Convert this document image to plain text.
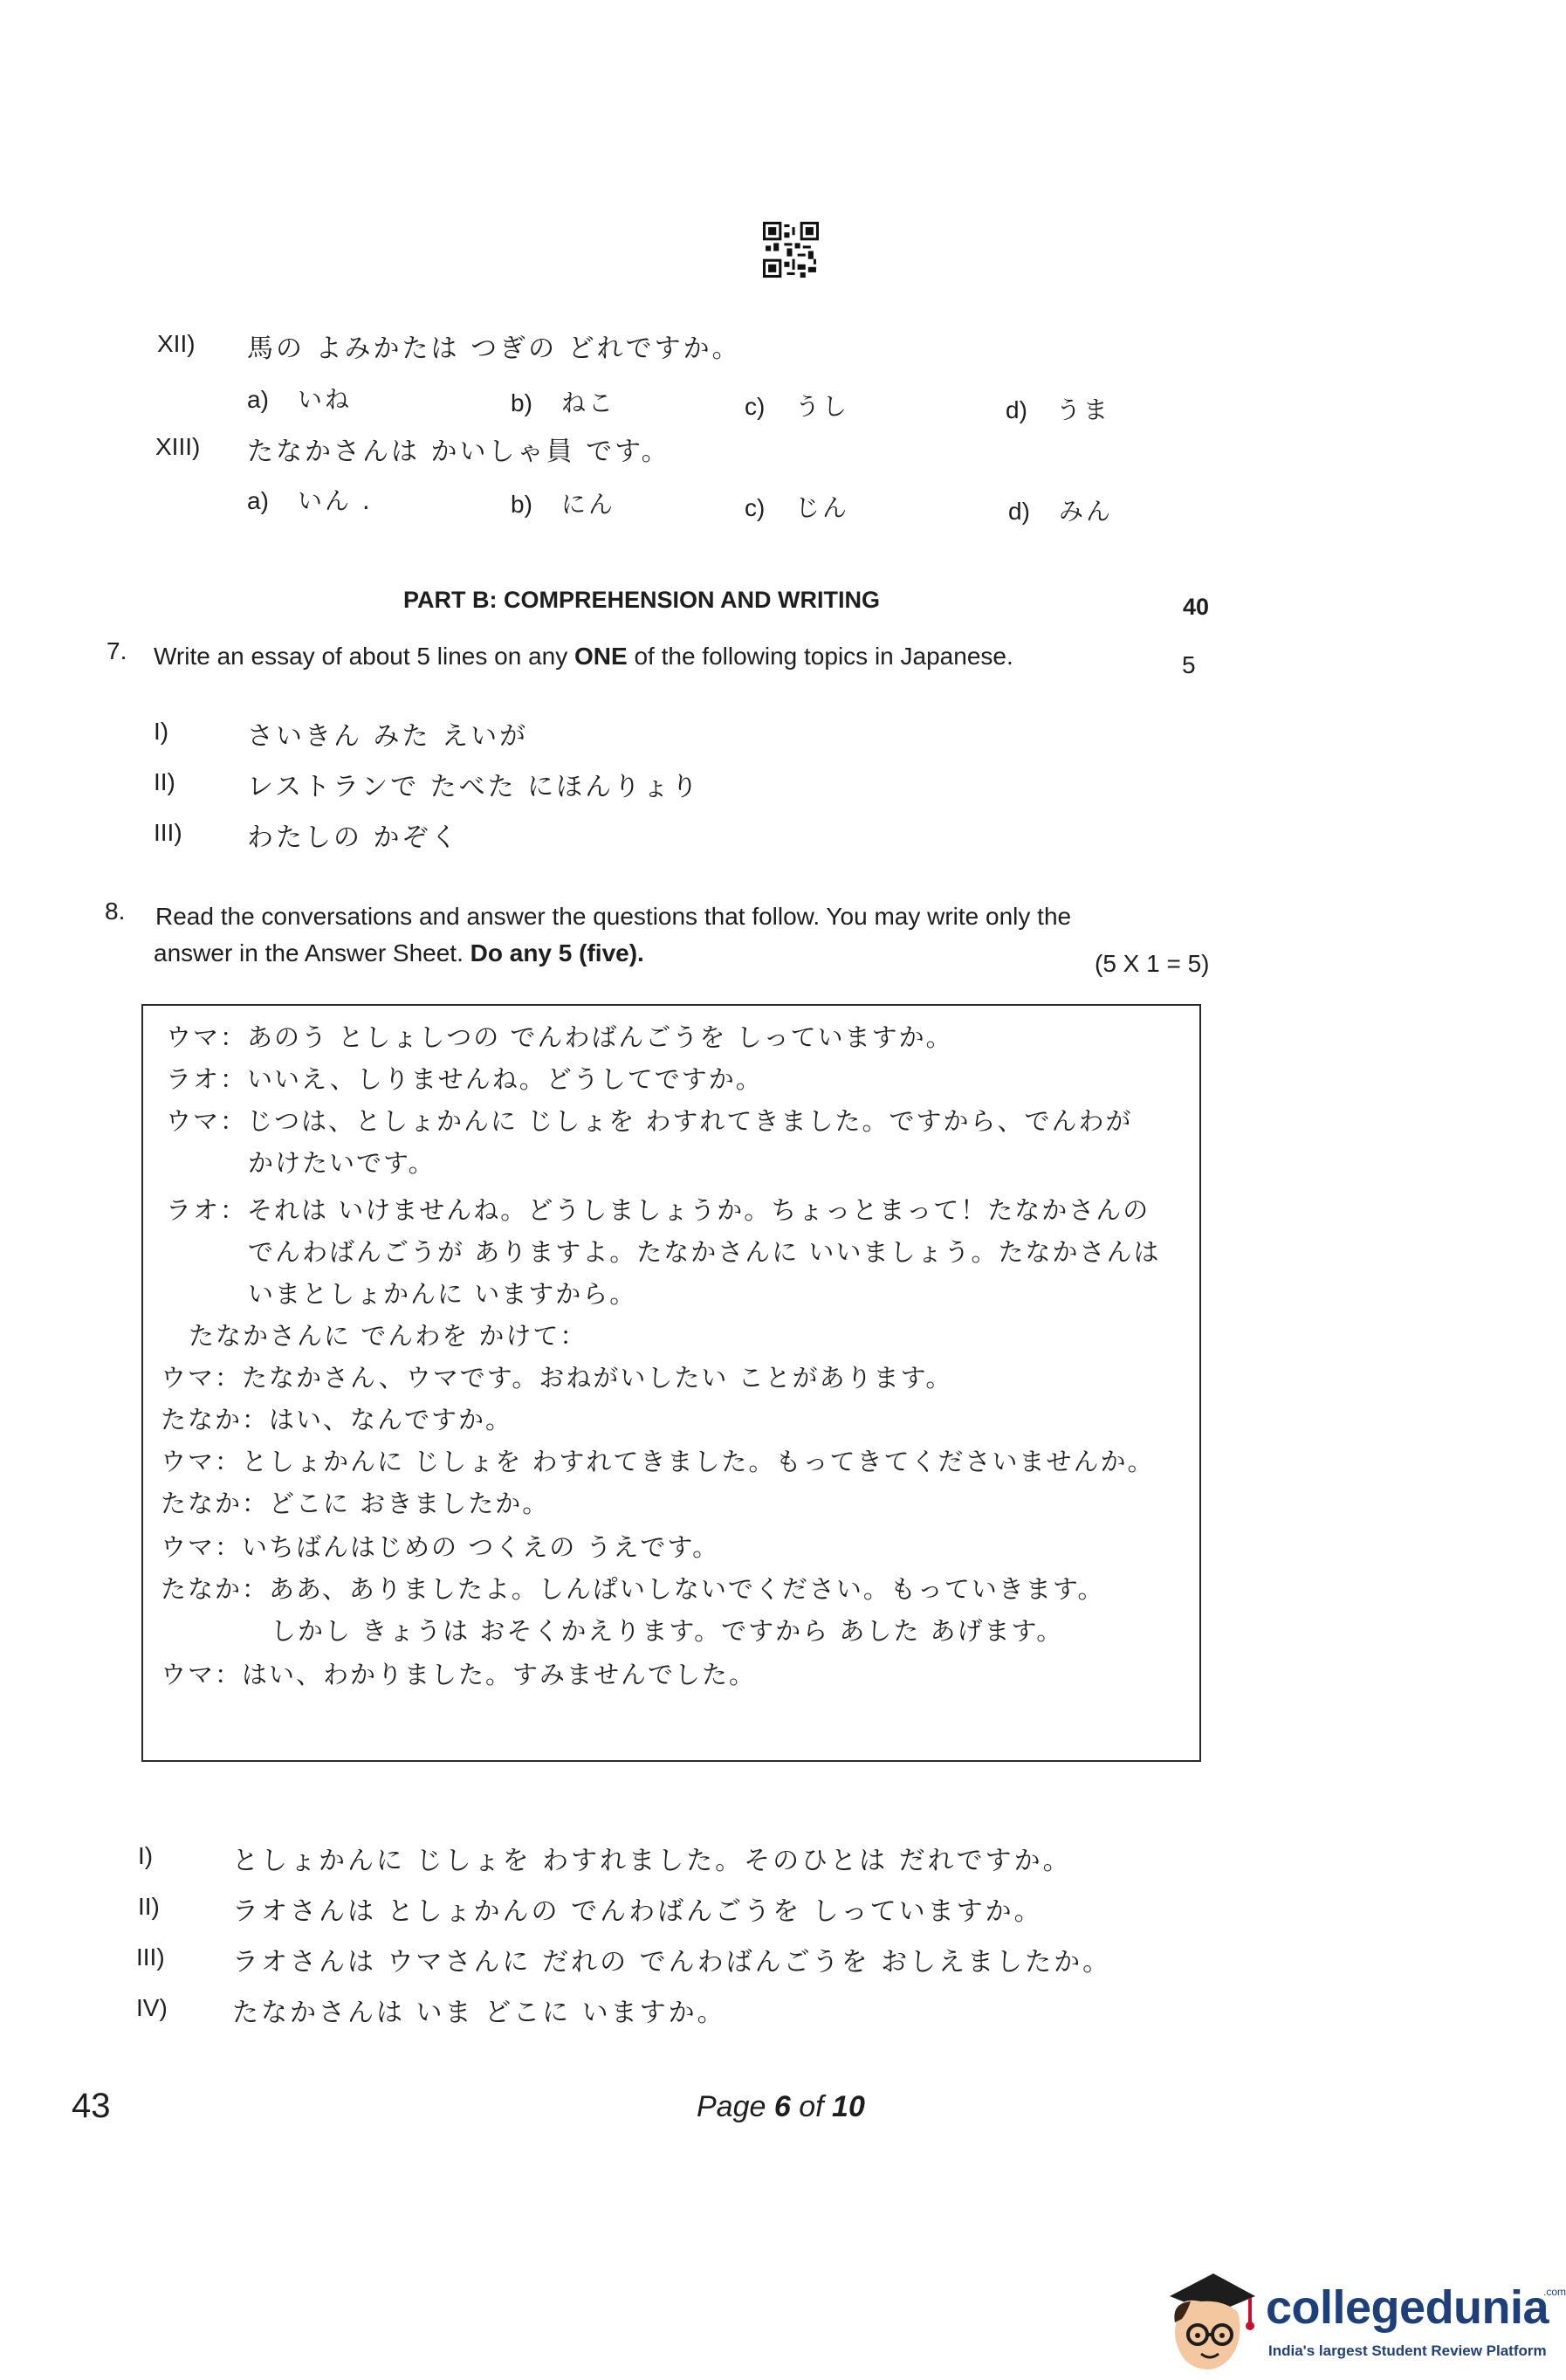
XII) 馬の よみかたは つぎの どれですか。
a) いね	b) ねこ	c) うし	d) うま
XIII) たなかさんは かいしゃ員 です。
a) いん .	b) にん	c) じん	d) みん
PART B: COMPREHENSION AND WRITING	40
7. Write an essay of about 5 lines on any ONE of the following topics in Japanese.	5
I)	さいきん みた えいが
II)	レストランで たべた にほんりょり
III) わたしの かぞく
8. Read the conversations and answer the questions that follow. You may write only the
answer in the Answer Sheet. Do any 5 (five).	(5 X 1 = 5)
ウマ：あのう としょしつの でんわばんごうを しっていますか。
ラオ：いいえ、しりませんね。どうしてですか。
ウマ：じつは、としょかんに じしょを わすれてきました。ですから、でんわが
かけたいです。
ラオ：それは いけませんね。どうしましょうか。ちょっとまって！たなかさんの
でんわばんごうが ありますよ。たなかさんに いいましょう。たなかさんは
いまとしょかんに いますから。
たなかさんに でんわを かけて：
ウマ：たなかさん、ウマです。おねがいしたい ことがあります。
たなか：はい、なんですか。
ウマ：としょかんに じしょを わすれてきました。もってきてくださいませんか。
たなか：どこに おきましたか。
ウマ：いちばんはじめの つくえの うえです。
たなか：ああ、ありましたよ。しんぱいしないでください。もっていきます。
しかし きょうは おそくかえります。ですから あした あげます。
ウマ：はい、わかりました。すみませんでした。
I)	としょかんに じしょを わすれました。そのひとは だれですか。
II)	ラオさんは としょかんの でんわばんごうを しっていますか。
III)	ラオさんは ウマさんに だれの でんわばんごうを おしえましたか。
IV) たなかさんは いま どこに いますか。
43	Page 6 of 10
collegedunia
.com
India's largest Student Review Platform
